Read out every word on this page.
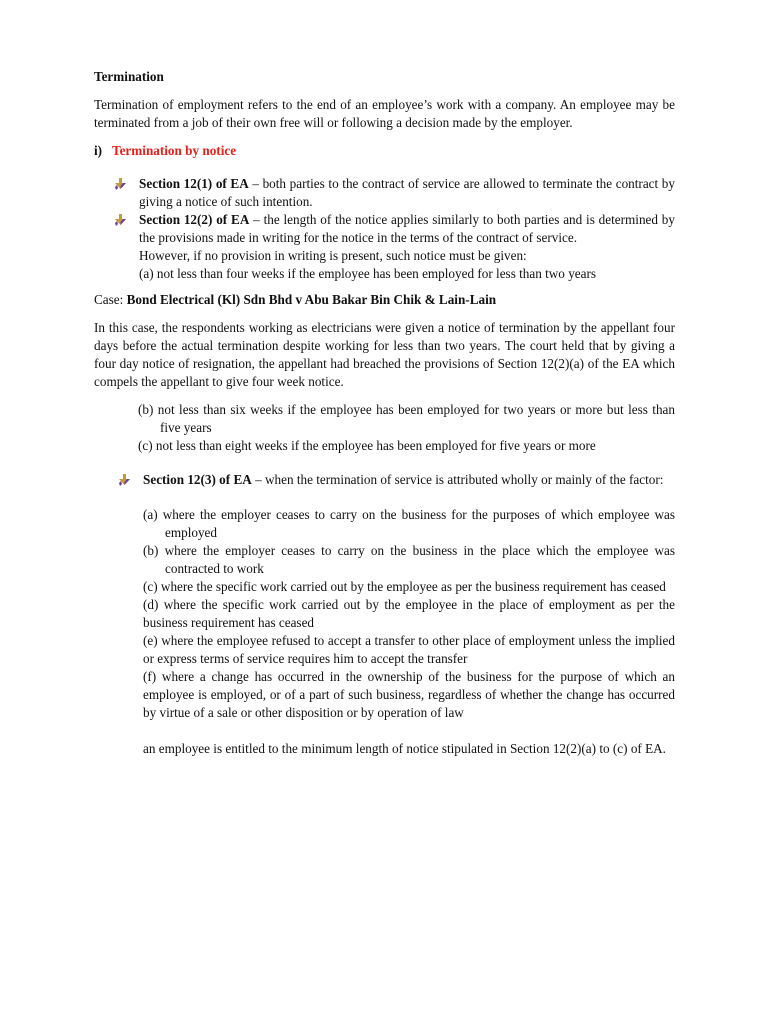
Termination

Termination of employment refers to the end of an employee’s work with a company. An employee may be terminated from a job of their own free will or following a decision made by the employer.

i) Termination by notice
Section 12(1) of EA – both parties to the contract of service are allowed to terminate the contract by giving a notice of such intention.
Section 12(2) of EA – the length of the notice applies similarly to both parties and is determined by the provisions made in writing for the notice in the terms of the contract of service.
However, if no provision in writing is present, such notice must be given:
(a) not less than four weeks if the employee has been employed for less than two years

Case: Bond Electrical (Kl) Sdn Bhd v Abu Bakar Bin Chik & Lain-Lain

In this case, the respondents working as electricians were given a notice of termination by the appellant four days before the actual termination despite working for less than two years. The court held that by giving a four day notice of resignation, the appellant had breached the provisions of Section 12(2)(a) of the EA which compels the appellant to give four week notice.

(b) not less than six weeks if the employee has been employed for two years or more but less than five years
(c) not less than eight weeks if the employee has been employed for five years or more
Section 12(3) of EA – when the termination of service is attributed wholly or mainly of the factor:
(a) where the employer ceases to carry on the business for the purposes of which employee was employed
(b) where the employer ceases to carry on the business in the place which the employee was contracted to work

(c) where the specific work carried out by the employee as per the business requirement has ceased

(d) where the specific work carried out by the employee in the place of employment as per the business requirement has ceased

(e) where the employee refused to accept a transfer to other place of employment unless the implied or express terms of service requires him to accept the transfer

(f) where a change has occurred in the ownership of the business for the purpose of which an employee is employed, or of a part of such business, regardless of whether the change has occurred by virtue of a sale or other disposition or by operation of law

an employee is entitled to the minimum length of notice stipulated in Section 12(2)(a) to (c) of EA.
